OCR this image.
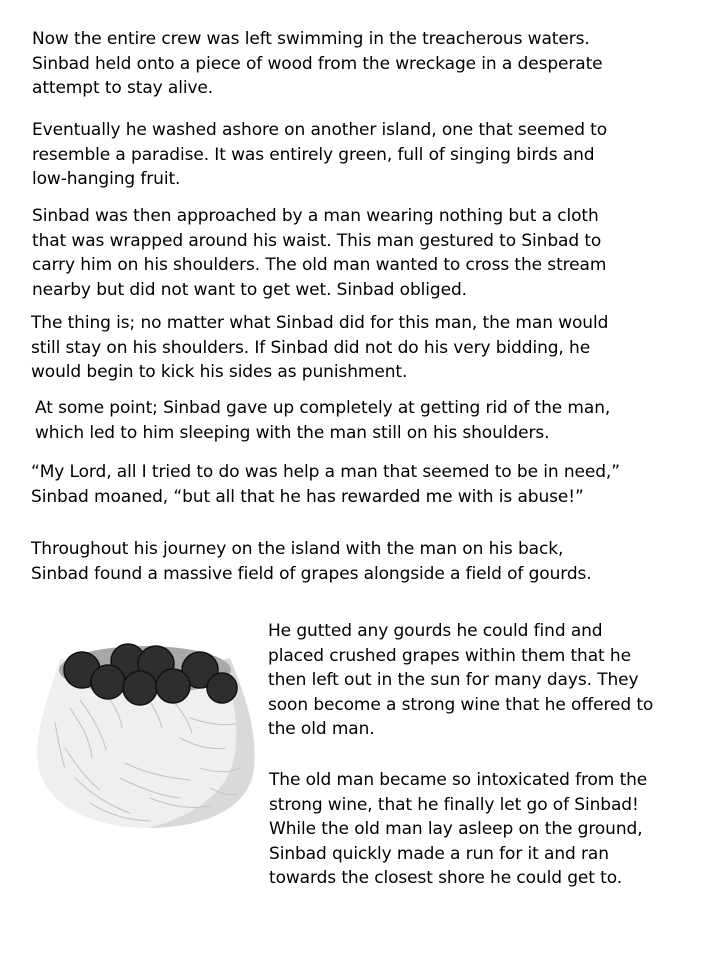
Now the entire crew was left swimming in the treacherous waters.
Sinbad held onto a piece of wood from the wreckage in a desperate
attempt to stay alive.

Eventually he washed ashore on another island, one that seemed to
resemble a paradise. It was entirely green, full of singing birds and
low-hanging fruit.

Sinbad was then approached by a man wearing nothing but a cloth
that was wrapped around his waist. This man gestured to Sinbad to
carry him on his shoulders. The old man wanted to cross the stream
nearby but did not want to get wet. Sinbad obliged.

The thing is; no matter what Sinbad did for this man, the man would
still stay on his shoulders. If Sinbad did not do his very bidding, he
would begin to kick his sides as punishment.

At some point; Sinbad gave up completely at getting rid of the man,
which led to him sleeping with the man still on his shoulders.

“My Lord, all I tried to do was help a man that seemed to be in need,”
Sinbad moaned, “but all that he has rewarded me with is abuse!”

Throughout his journey on the island with the man on his back,
Sinbad found a massive field of grapes alongside a field of gourds.

He gutted any gourds he could find and
placed crushed grapes within them that he
then left out in the sun for many days. They
soon become a strong wine that he offered to
the old man.

The old man became so intoxicated from the
strong wine, that he finally let go of Sinbad!
While the old man lay asleep on the ground,
Sinbad quickly made a run for it and ran
towards the closest shore he could get to.
